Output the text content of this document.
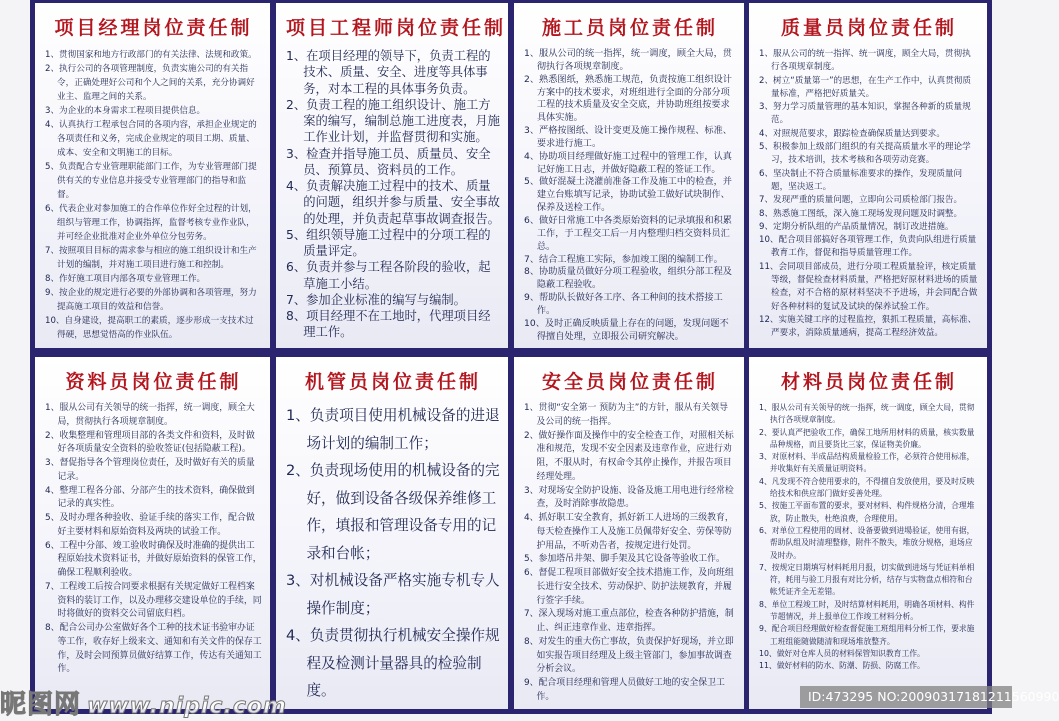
项目经理岗位责任制
1、贯彻国家和地方行政部门的有关法律、法规和政策。
2、执行公司的各项管理制度，负责实施公司的有关指令，正确处理好公司和个人之间的关系，充分协调好业主、监理之间的关系。
3、为企业的本身需求工程项目提供信息。
4、认真执行工程承包合同的各项内容，承担企业规定的各项责任和义务，完成企业规定的项目工期、质量、成本、安全和文明施工的目标。
5、负责配合专业管理职能部门工作，为专业管理部门提供有关的专业信息并接受专业管理部门的指导和监督。
6、代表企业对参加施工的合作单位作好全过程的计划，组织与管理工作，协调指挥，监督考核专业作业队，并可经企业批准对企业外单位分包劳务。
7、按照项目目标的需求参与相应的施工组织设计和生产计划的编制，并对施工项目进行施工和控制。
8、作好施工项目内部各项专业管理工作。
9、按企业的规定进行必要的外部协调和各项管理，努力提高施工项目的效益和信誉。
10、自身建设，提高职工的素质，逐步形成一支技术过得硬，思想觉悟高的作业队伍。
项目工程师岗位责任制
1、在项目经理的领导下，负责工程的技术、质量、安全、进度等具体事务，对本工程的具体事务负责。
2、负责工程的施工组织设计、施工方案的编写，编制总施工进度表，月施工作业计划，并监督贯彻和实施。
3、检查并指导施工员、质量员、安全员、预算员、资料员的工作。
4、负责解决施工过程中的技术、质量的问题，组织并参与质量、安全事故的处理，并负责起草事故调查报告。
5、组织领导施工过程中的分项工程的质量评定。
6、负责并参与工程各阶段的验收，起草施工小结。
7、参加企业标准的编写与编制。
8、项目经理不在工地时，代理项目经理工作。
施工员岗位责任制
1、服从公司的统一指挥，统一调度，顾全大局，贯彻执行各项规章制度。
2、熟悉图纸，熟悉施工规范，负责按施工组织设计方案中的技术要求，对班组进行全面的分部分项工程的技术质量及安全交底，并协助班组按要求具体实施。
3、严格按图纸、设计变更及施工操作规程、标准、要求进行施工。
4、协助项目经理做好施工过程中的管理工作，认真记好施工日志，并做好隐蔽工程的签证工作。
5、做好混凝土浇灌前准备工作及施工中的检查，并建立台账填写记录，协助试验工做好试块制作、保养及送检工作。
6、做好日常施工中各类原始资料的记录填报和积累工作，于工程交工后一月内整理归档交资料员汇总。
7、结合工程施工实际，参加竣工图的编制工作。
8、协助质量员做好分项工程验收，组织分部工程及隐蔽工程验收。
9、帮助队长做好各工序、各工种间的技术搭接工作。
10、及时正确反映质量上存在的问题，发现问题不得擅自处理，立即报公司研究解决。
质量员岗位责任制
1、服从公司的统一指挥、统一调度，顾全大局，贯彻执行各项规章制度。
2、树立“质量第一”的思想，在生产工作中，认真贯彻质量标准，严格把好质量关。
3、努力学习质量管理的基本知识，掌握各种新的质量规范。
4、对照规范要求，跟踪检查确保质量达到要求。
5、积极参加上级部门组织的有关提高质量水平的理论学习，技术培训，技术考核和各项劳动竞赛。
6、坚决制止不符合质量标准要求的操作，发现质量问题，坚决返工。
7、发现严重的质量问题，立即向公司质检部门报告。
8、熟悉施工图纸，深入施工现场发现问题及时调整。
9、定期分析队组的产品质量情况，制订改进措施。
10、配合项目部搞好各项管理工作，负责向队组进行质量教育工作，督促和指导质量管理工作。
11、会同项目部成员，进行分项工程质量验评，核定质量等级，督促检查材料质量，严格把好原材料进场的质量检查，对不合格的原材料坚决不予进场，并会同配合做好各种材料的复试及试块的保养试验工作。
12、实施关键工序的过程监控，狠抓工程质量，高标准、严要求，消除质量通病，提高工程经济效益。
资料员岗位责任制
1、服从公司有关领导的统一指挥，统一调度，顾全大局，贯彻执行各项规章制度。
2、收集整理和管理项目部的各类文件和资料，及时做好各项质量安全资料的验收签证(包括隐蔽工程)。
3、督促指导各个管理岗位责任，及时做好有关的质量记录。
4、整理工程各分部、分部产生的技术资料，确保做到记录的真实性。
5、及时办理各种验收、验证手续的落实工作，配合做好主要材料和原始资料及两块的试验工作。
6、工程中分部、竣工验收时确保及时准确的提供出工程原始技术资料证书，并做好原始资料的保管工作，确保工程顺利验收。
7、工程竣工后按合同要求根据有关规定做好工程档案资料的装订工作，以及办理移交建设单位的手续，同时将做好的资料交公司留底归档。
8、配合公司办公室做好各个工种的技术证书验审办证等工作，收存好上级来文、通知和有关文件的保存工作，及时会同预算员做好结算工作，传达有关通知工作。
机管员岗位责任制
1、负责项目使用机械设备的进退场计划的编制工作；
2、负责现场使用的机械设备的完好，做到设备各级保养维修工作，填报和管理设备专用的记录和台帐；
3、对机械设备严格实施专机专人操作制度；
4、负责贯彻执行机械安全操作规程及检测计量器具的检验制度。
安全员岗位责任制
1、贯彻“安全第一 预防为主”的方针，服从有关领导及公司的统一指挥。
2、做好操作面及操作中的安全检查工作，对照相关标准和规范，发现不安全因素及违章作业，应进行劝阻，不服从时，有权命令其停止操作，并报告项目经理处理。
3、对现场安全防护设施、设备及施工用电进行经常检查，及时消除事故隐患。
4、抓好职工安全教育，抓好新工人进场的三级教育，每天检查操作工人及施工员佩带好安全、劳保等防护用品，不听劝告者，按规定进行处罚。
5、参加塔吊井架、脚手架及其它设备等验收工作。
6、督促工程项目部做好安全技术措施工作，及向班组长进行安全技术、劳动保护、防护法规教育，并履行签字手续。
7、深入现场对施工重点部位，检查各种防护措施，制止、纠正违章作业、违章指挥。
8、对发生的重大伤亡事故，负责保护好现场，并立即如实报告项目经理及上级主管部门，参加事故调查分析会议。
9、配合项目经理和管理人员做好工地的安全保卫工作。
材料员岗位责任制
1、服从公司有关领导的统一指挥，统一调度，顾全大局，贯彻执行各项规章制度。
2、要认真严把验收工作，确保工地所用材料的质量，核实数量品种规格，而且要货比三家，保证物美价廉。
3、对原材料、半成品结构质量检验工作，必须符合使用标准，并收集好有关质量证明资料。
4、凡发现不符合使用要求的，不得擅自发放使用，要及时反映给技术和供应部门做好妥善处理。
5、按施工平面布置的要求，要对材料、构件规格分清，合理堆放，防止散失，杜绝浪费，合理使用。
6、对单位工程使用的周材、设备要做到进場验证，使用有据，帮助队组及时清理整修，附件不散失，堆放分规格，退场应及时办。
7、按规定日期填写材料耗用月报，切实做到进场与凭证料单相符，耗用与验工月报有对比分析，结存与实物盘点相符和台帐凭证齐全无差错。
8、单位工程竣工时，及时结算材料耗用，明确各项材料、构件节超情况，并上报单位工作竣工材料分析。
9、配合项目经理做好检查督促施工班组用料分析工作，要求施工班组能随做随清和现场堆放整齐。
10、做好对仓库人员的材料保管知识教育工作。
11、做好材料的防水、防潮、防损、防腐工作。
昵图网 www.nipic.com	ID:473295 NO:20090317181211560990
